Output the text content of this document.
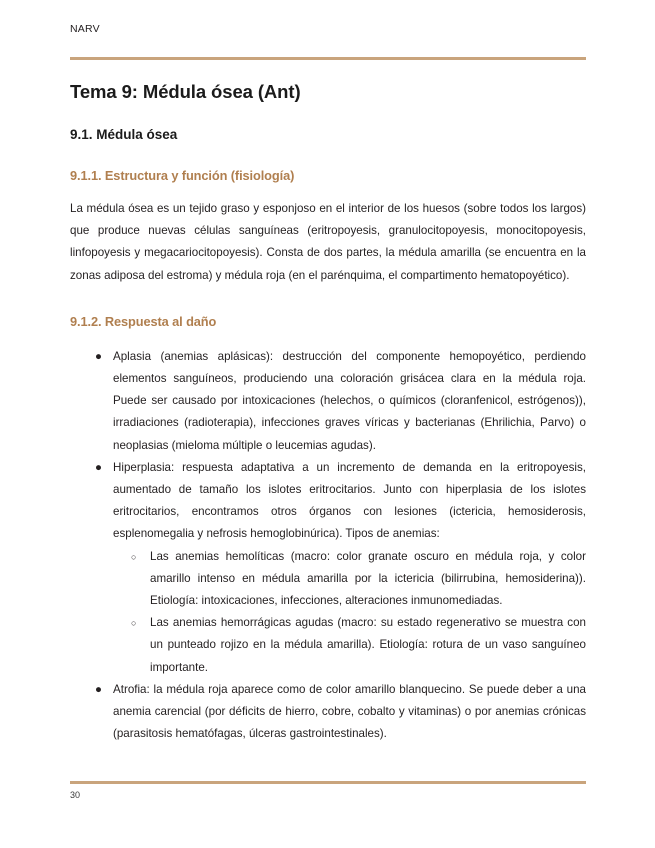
NARV
Tema 9: Médula ósea (Ant)
9.1. Médula ósea
9.1.1. Estructura y función (fisiología)

La médula ósea es un tejido graso y esponjoso en el interior de los huesos (sobre todos los largos) que produce nuevas células sanguíneas (eritropoyesis, granulocitopoyesis, monocitopoyesis, linfopoyesis y megacariocitopoyesis). Consta de dos partes, la médula amarilla (se encuentra en la zonas adiposa del estroma) y médula roja (en el parénquima, el compartimento hematopoyético).

9.1.2. Respuesta al daño
● Aplasia (anemias aplásicas): destrucción del componente hemopoyético, perdiendo elementos sanguíneos, produciendo una coloración grisácea clara en la médula roja. Puede ser causado por intoxicaciones (helechos, o químicos (cloranfenicol, estrógenos)), irradiaciones (radioterapia), infecciones graves víricas y bacterianas (Ehrilichia, Parvo) o neoplasias (mieloma múltiple o leucemias agudas).
● Hiperplasia: respuesta adaptativa a un incremento de demanda en la eritropoyesis, aumentado de tamaño los islotes eritrocitarios. Junto con hiperplasia de los islotes eritrocitarios, encontramos otros órganos con lesiones (ictericia, hemosiderosis, esplenomegalia y nefrosis hemoglobinúrica). Tipos de anemias:
○	Las anemias hemolíticas (macro: color granate oscuro en médula roja, y color amarillo intenso en médula amarilla por la ictericia (bilirrubina, hemosiderina)). Etiología: intoxicaciones, infecciones, alteraciones inmunomediadas.
○	Las anemias hemorrágicas agudas (macro: su estado regenerativo se muestra con un punteado rojizo en la médula amarilla). Etiología: rotura de un vaso sanguíneo importante.
● Atrofia: la médula roja aparece como de color amarillo blanquecino. Se puede deber a una anemia carencial (por déficits de hierro, cobre, cobalto y vitaminas) o por anemias crónicas (parasitosis hematófagas, úlceras gastrointestinales).
30
